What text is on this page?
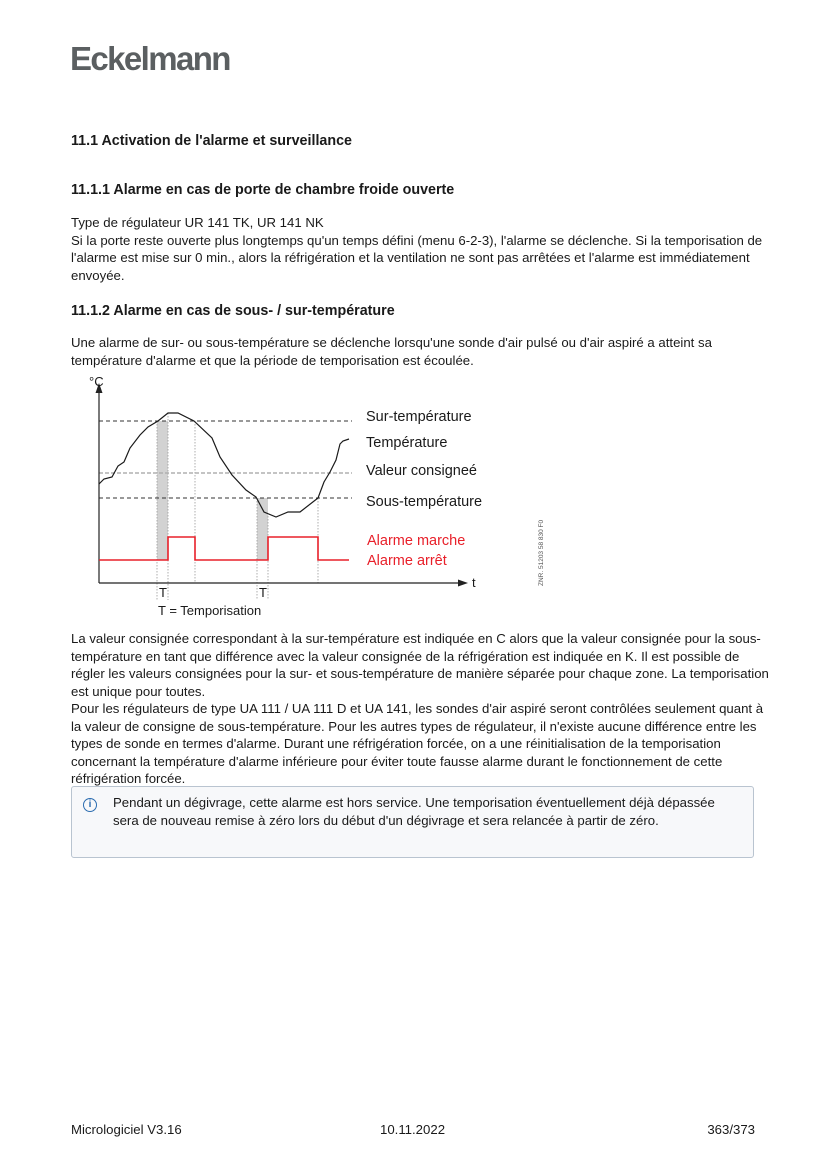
Eckelmann
11.1 Activation de l'alarme et surveillance
11.1.1 Alarme en cas de porte de chambre froide ouverte
Type de régulateur UR 141 TK, UR 141 NK
Si la porte reste ouverte plus longtemps qu'un temps défini (menu 6-2-3), l'alarme se déclenche. Si la temporisation de l'alarme est mise sur 0 min., alors la réfrigération et la ventilation ne sont pas arrêtées et l'alarme est immédiatement envoyée.
11.1.2 Alarme en cas de sous- / sur-température
Une alarme de sur- ou sous-température se déclenche lorsqu'une sonde d'air pulsé ou d'air aspiré a atteint sa température d'alarme et que la période de temporisation est écoulée.
°C
t
Sur-température
Température
Valeur consigneé
Sous-température
Alarme marche
Alarme arrêt
T	T
T = Temporisation
ZNR. 51203 58 830 F0
La valeur consignée correspondant à la sur-température est indiquée en C alors que la valeur consignée pour la sous-température en tant que différence avec la valeur consignée de la réfrigération est indiquée en K. Il est possible de régler les valeurs consignées pour la sur- et sous-température de manière séparée pour chaque zone. La temporisation est unique pour toutes.
Pour les régulateurs de type UA 111 / UA 111 D et UA 141, les sondes d'air aspiré seront contrôlées seulement quant à la valeur de consigne de sous-température. Pour les autres types de régulateur, il n'existe aucune différence entre les types de sonde en termes d'alarme. Durant une réfrigération forcée, on a une réinitialisation de la temporisation concernant la température d'alarme inférieure pour éviter toute fausse alarme durant le fonctionnement de cette réfrigération forcée.
i	Pendant un dégivrage, cette alarme est hors service. Une temporisation éventuellement déjà dépassée sera de nouveau remise à zéro lors du début d'un dégivrage et sera relancée à partir de zéro.
Micrologiciel V3.16	10.11.2022	363/373
